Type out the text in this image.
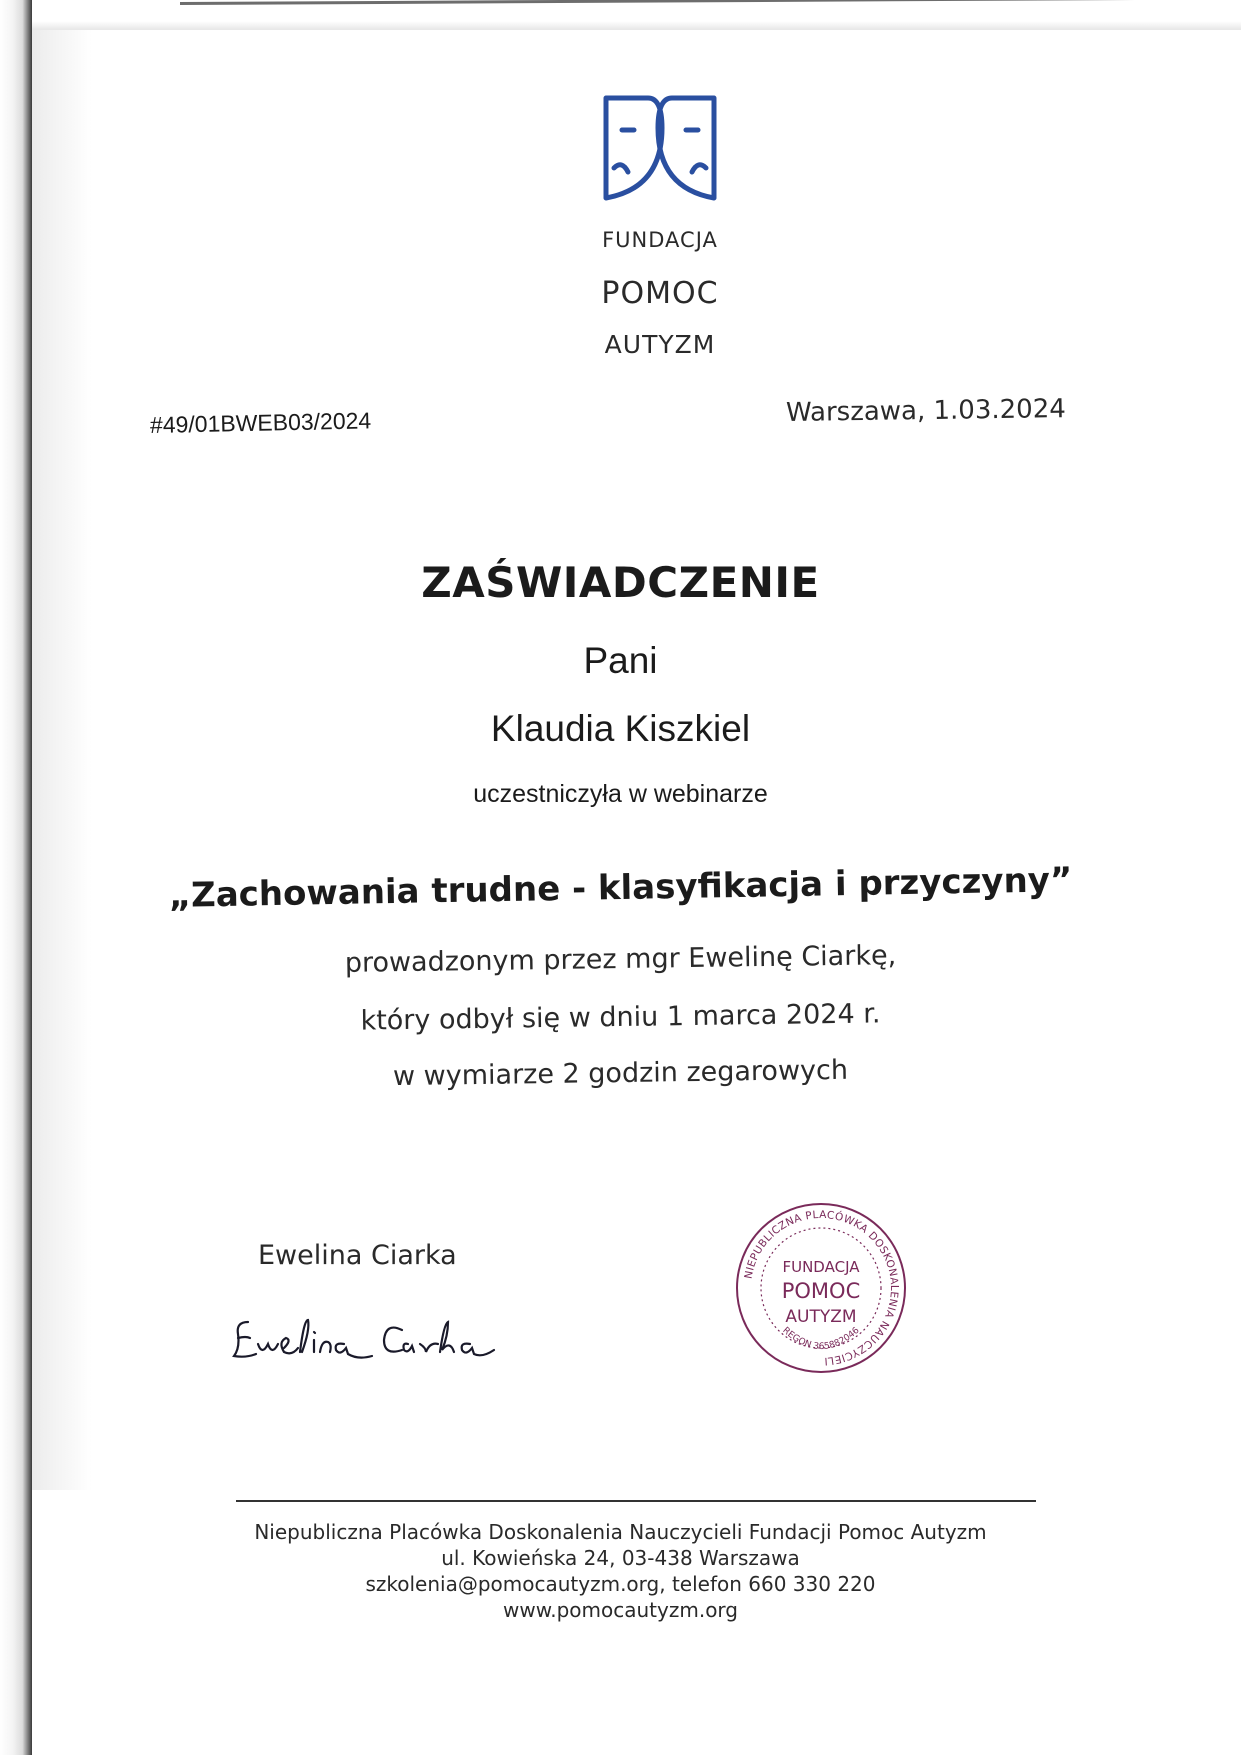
FUNDACJA
POMOC
AUTYZM
#49/01BWEB03/2024	Warszawa, 1.03.2024
ZAŚWIADCZENIE
Pani
Klaudia Kiszkiel
uczestniczyła w webinarze
„Zachowania trudne - klasyfikacja i przyczyny”
prowadzonym przez mgr Ewelinę Ciarkę,
który odbył się w dniu 1 marca 2024 r.
w wymiarze 2 godzin zegarowych
Ewelina Ciarka
NIEPUBLICZNA PLACÓWKA DOSKONALENIA NAUCZYCIELI
REGON 365882046
FUNDACJA
POMOC
AUTYZM
Niepubliczna Placówka Doskonalenia Nauczycieli Fundacji Pomoc Autyzm
ul. Kowieńska 24, 03-438 Warszawa
szkolenia@pomocautyzm.org, telefon 660 330 220
www.pomocautyzm.org
